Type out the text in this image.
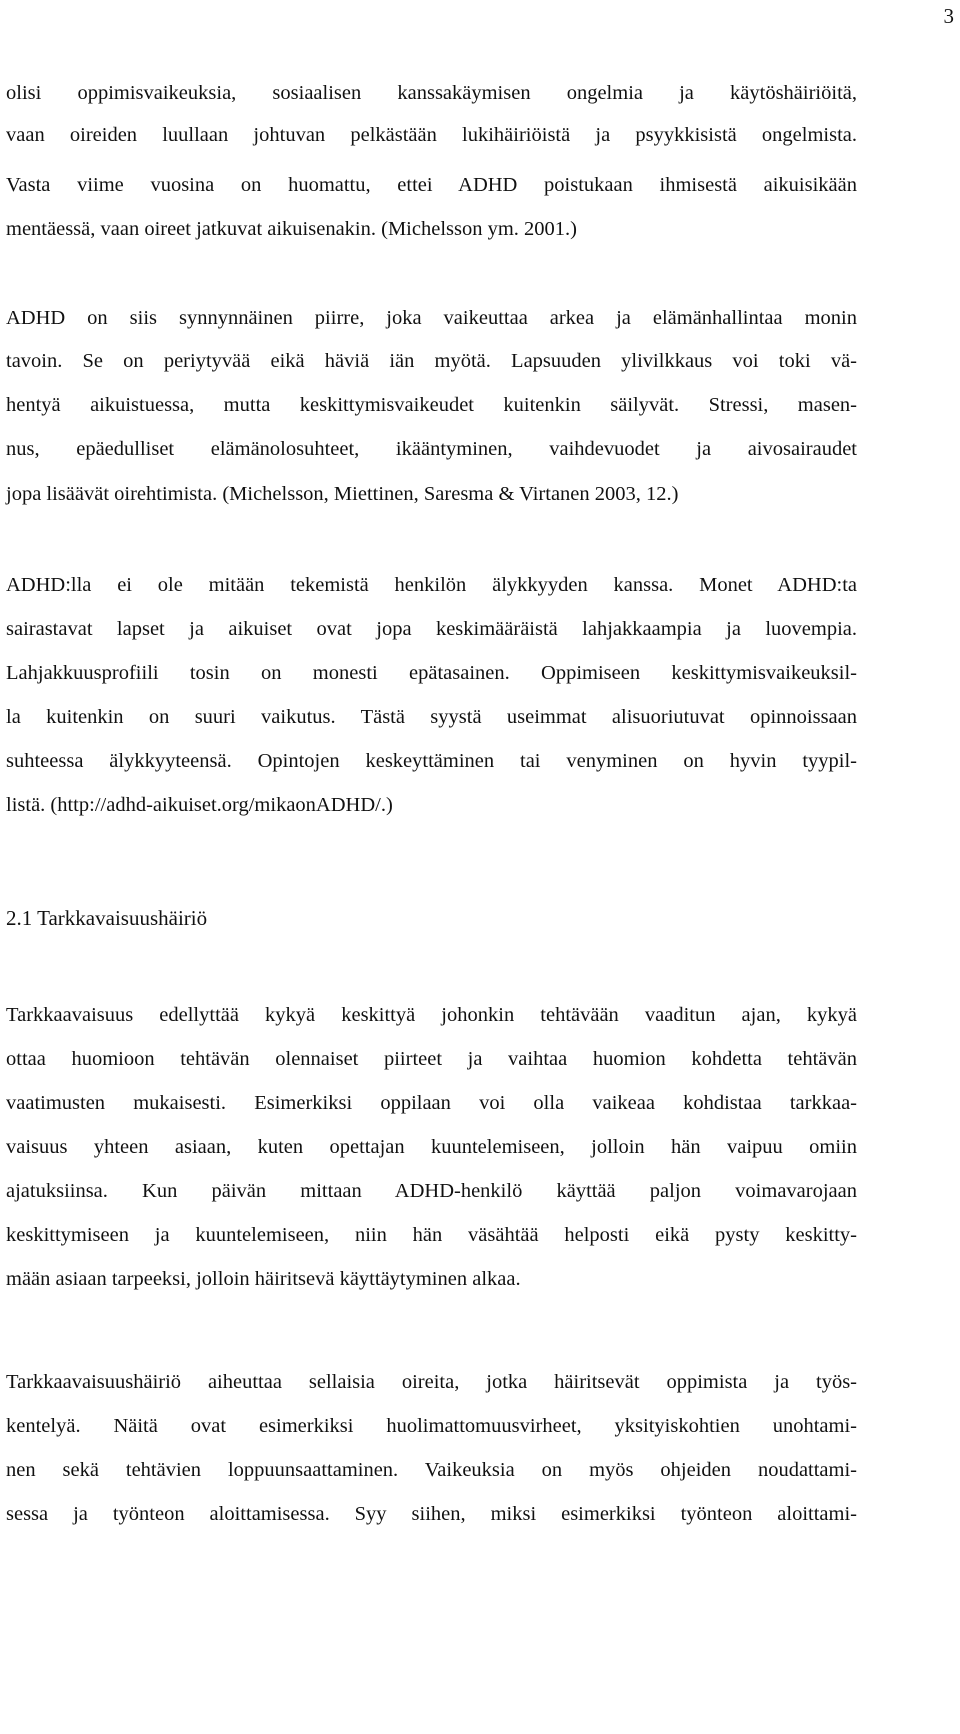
3
olisi oppimisvaikeuksia, sosiaalisen kanssakäymisen ongelmia ja käytöshäiriöitä,
vaan oireiden luullaan johtuvan pelkästään lukihäiriöistä ja psyykkisistä ongelmista.
Vasta viime vuosina on huomattu, ettei ADHD poistukaan ihmisestä aikuisikään
mentäessä, vaan oireet jatkuvat aikuisenakin. (Michelsson ym. 2001.)
ADHD on siis synnynnäinen piirre, joka vaikeuttaa arkea ja elämänhallintaa monin
tavoin. Se on periytyvää eikä häviä iän myötä. Lapsuuden ylivilkkaus voi toki vä-
hentyä aikuistuessa, mutta keskittymisvaikeudet kuitenkin säilyvät. Stressi, masen-
nus, epäedulliset elämänolosuhteet, ikääntyminen, vaihdevuodet ja aivosairaudet
jopa lisäävät oirehtimista. (Michelsson, Miettinen, Saresma & Virtanen 2003, 12.)
ADHD:lla ei ole mitään tekemistä henkilön älykkyyden kanssa. Monet ADHD:ta
sairastavat lapset ja aikuiset ovat jopa keskimääräistä lahjakkaampia ja luovempia.
Lahjakkuusprofiili tosin on monesti epätasainen. Oppimiseen keskittymisvaikeuksil-
la kuitenkin on suuri vaikutus. Tästä syystä useimmat alisuoriutuvat opinnoissaan
suhteessa älykkyyteensä. Opintojen keskeyttäminen tai venyminen on hyvin tyypil-
listä. (http://adhd-aikuiset.org/mikaonADHD/.)
2.1 Tarkkavaisuushäiriö
Tarkkaavaisuus edellyttää kykyä keskittyä johonkin tehtävään vaaditun ajan, kykyä
ottaa huomioon tehtävän olennaiset piirteet ja vaihtaa huomion kohdetta tehtävän
vaatimusten mukaisesti. Esimerkiksi oppilaan voi olla vaikeaa kohdistaa tarkkaa-
vaisuus yhteen asiaan, kuten opettajan kuuntelemiseen, jolloin hän vaipuu omiin
ajatuksiinsa. Kun päivän mittaan ADHD-henkilö käyttää paljon voimavarojaan
keskittymiseen ja kuuntelemiseen, niin hän väsähtää helposti eikä pysty keskitty-
mään asiaan tarpeeksi, jolloin häiritsevä käyttäytyminen alkaa.
Tarkkaavaisuushäiriö aiheuttaa sellaisia oireita, jotka häiritsevät oppimista ja työs-
kentelyä. Näitä ovat esimerkiksi huolimattomuusvirheet, yksityiskohtien unohtami-
nen sekä tehtävien loppuunsaattaminen. Vaikeuksia on myös ohjeiden noudattami-
sessa ja työnteon aloittamisessa. Syy siihen, miksi esimerkiksi työnteon aloittami-
